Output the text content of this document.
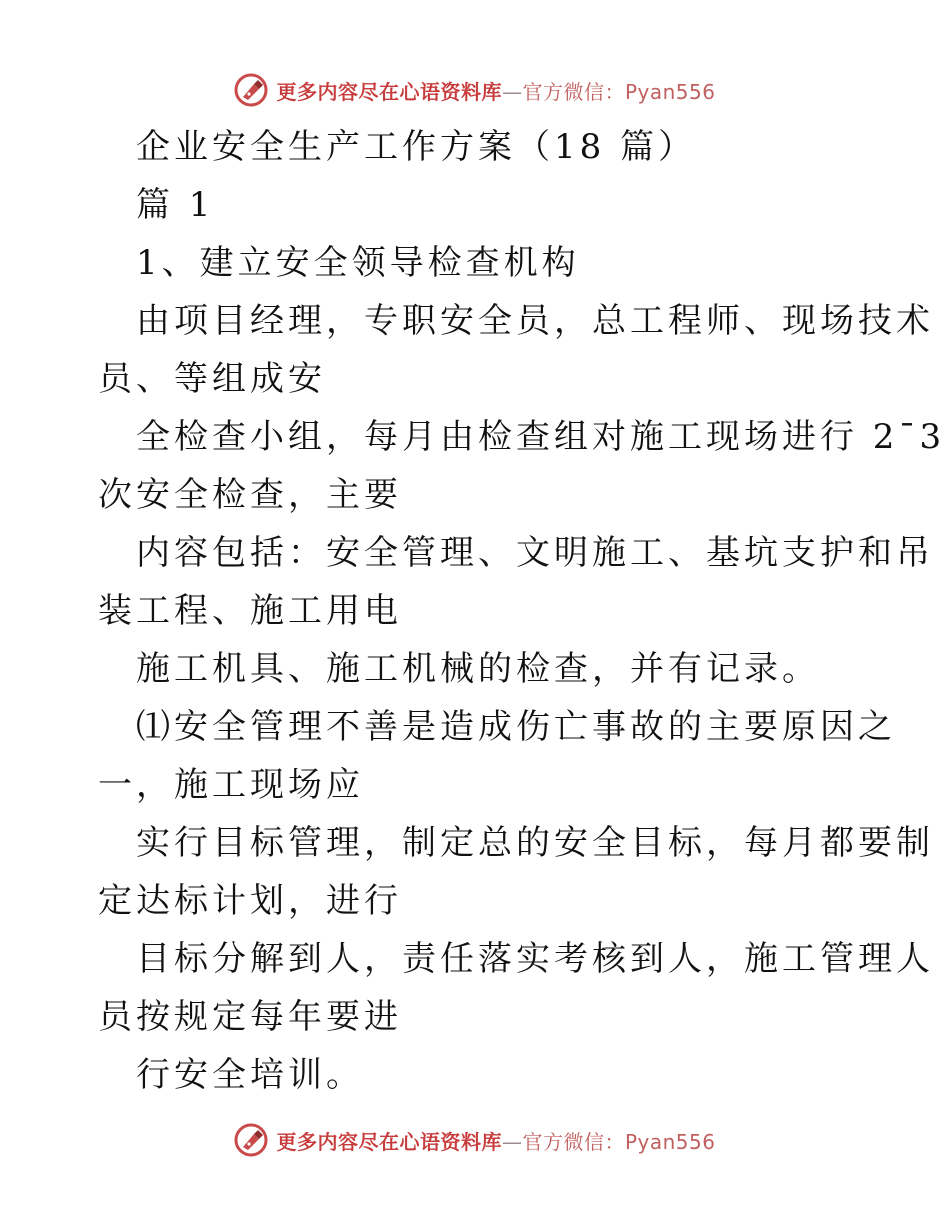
更多内容尽在心语资料库—官方微信：Pyan556
企业安全生产工作方案（18 篇）
篇 1
1、建立安全领导检查机构
由项目经理，专职安全员，总工程师、现场技术
员、等组成安
全检查小组，每月由检查组对施工现场进行 2¯3
次安全检查，主要
内容包括：安全管理、文明施工、基坑支护和吊
装工程、施工用电
施工机具、施工机械的检查，并有记录。
⑴安全管理不善是造成伤亡事故的主要原因之
一，施工现场应
实行目标管理，制定总的安全目标，每月都要制
定达标计划，进行
目标分解到人，责任落实考核到人，施工管理人
员按规定每年要进
行安全培训。
更多内容尽在心语资料库—官方微信：Pyan556
